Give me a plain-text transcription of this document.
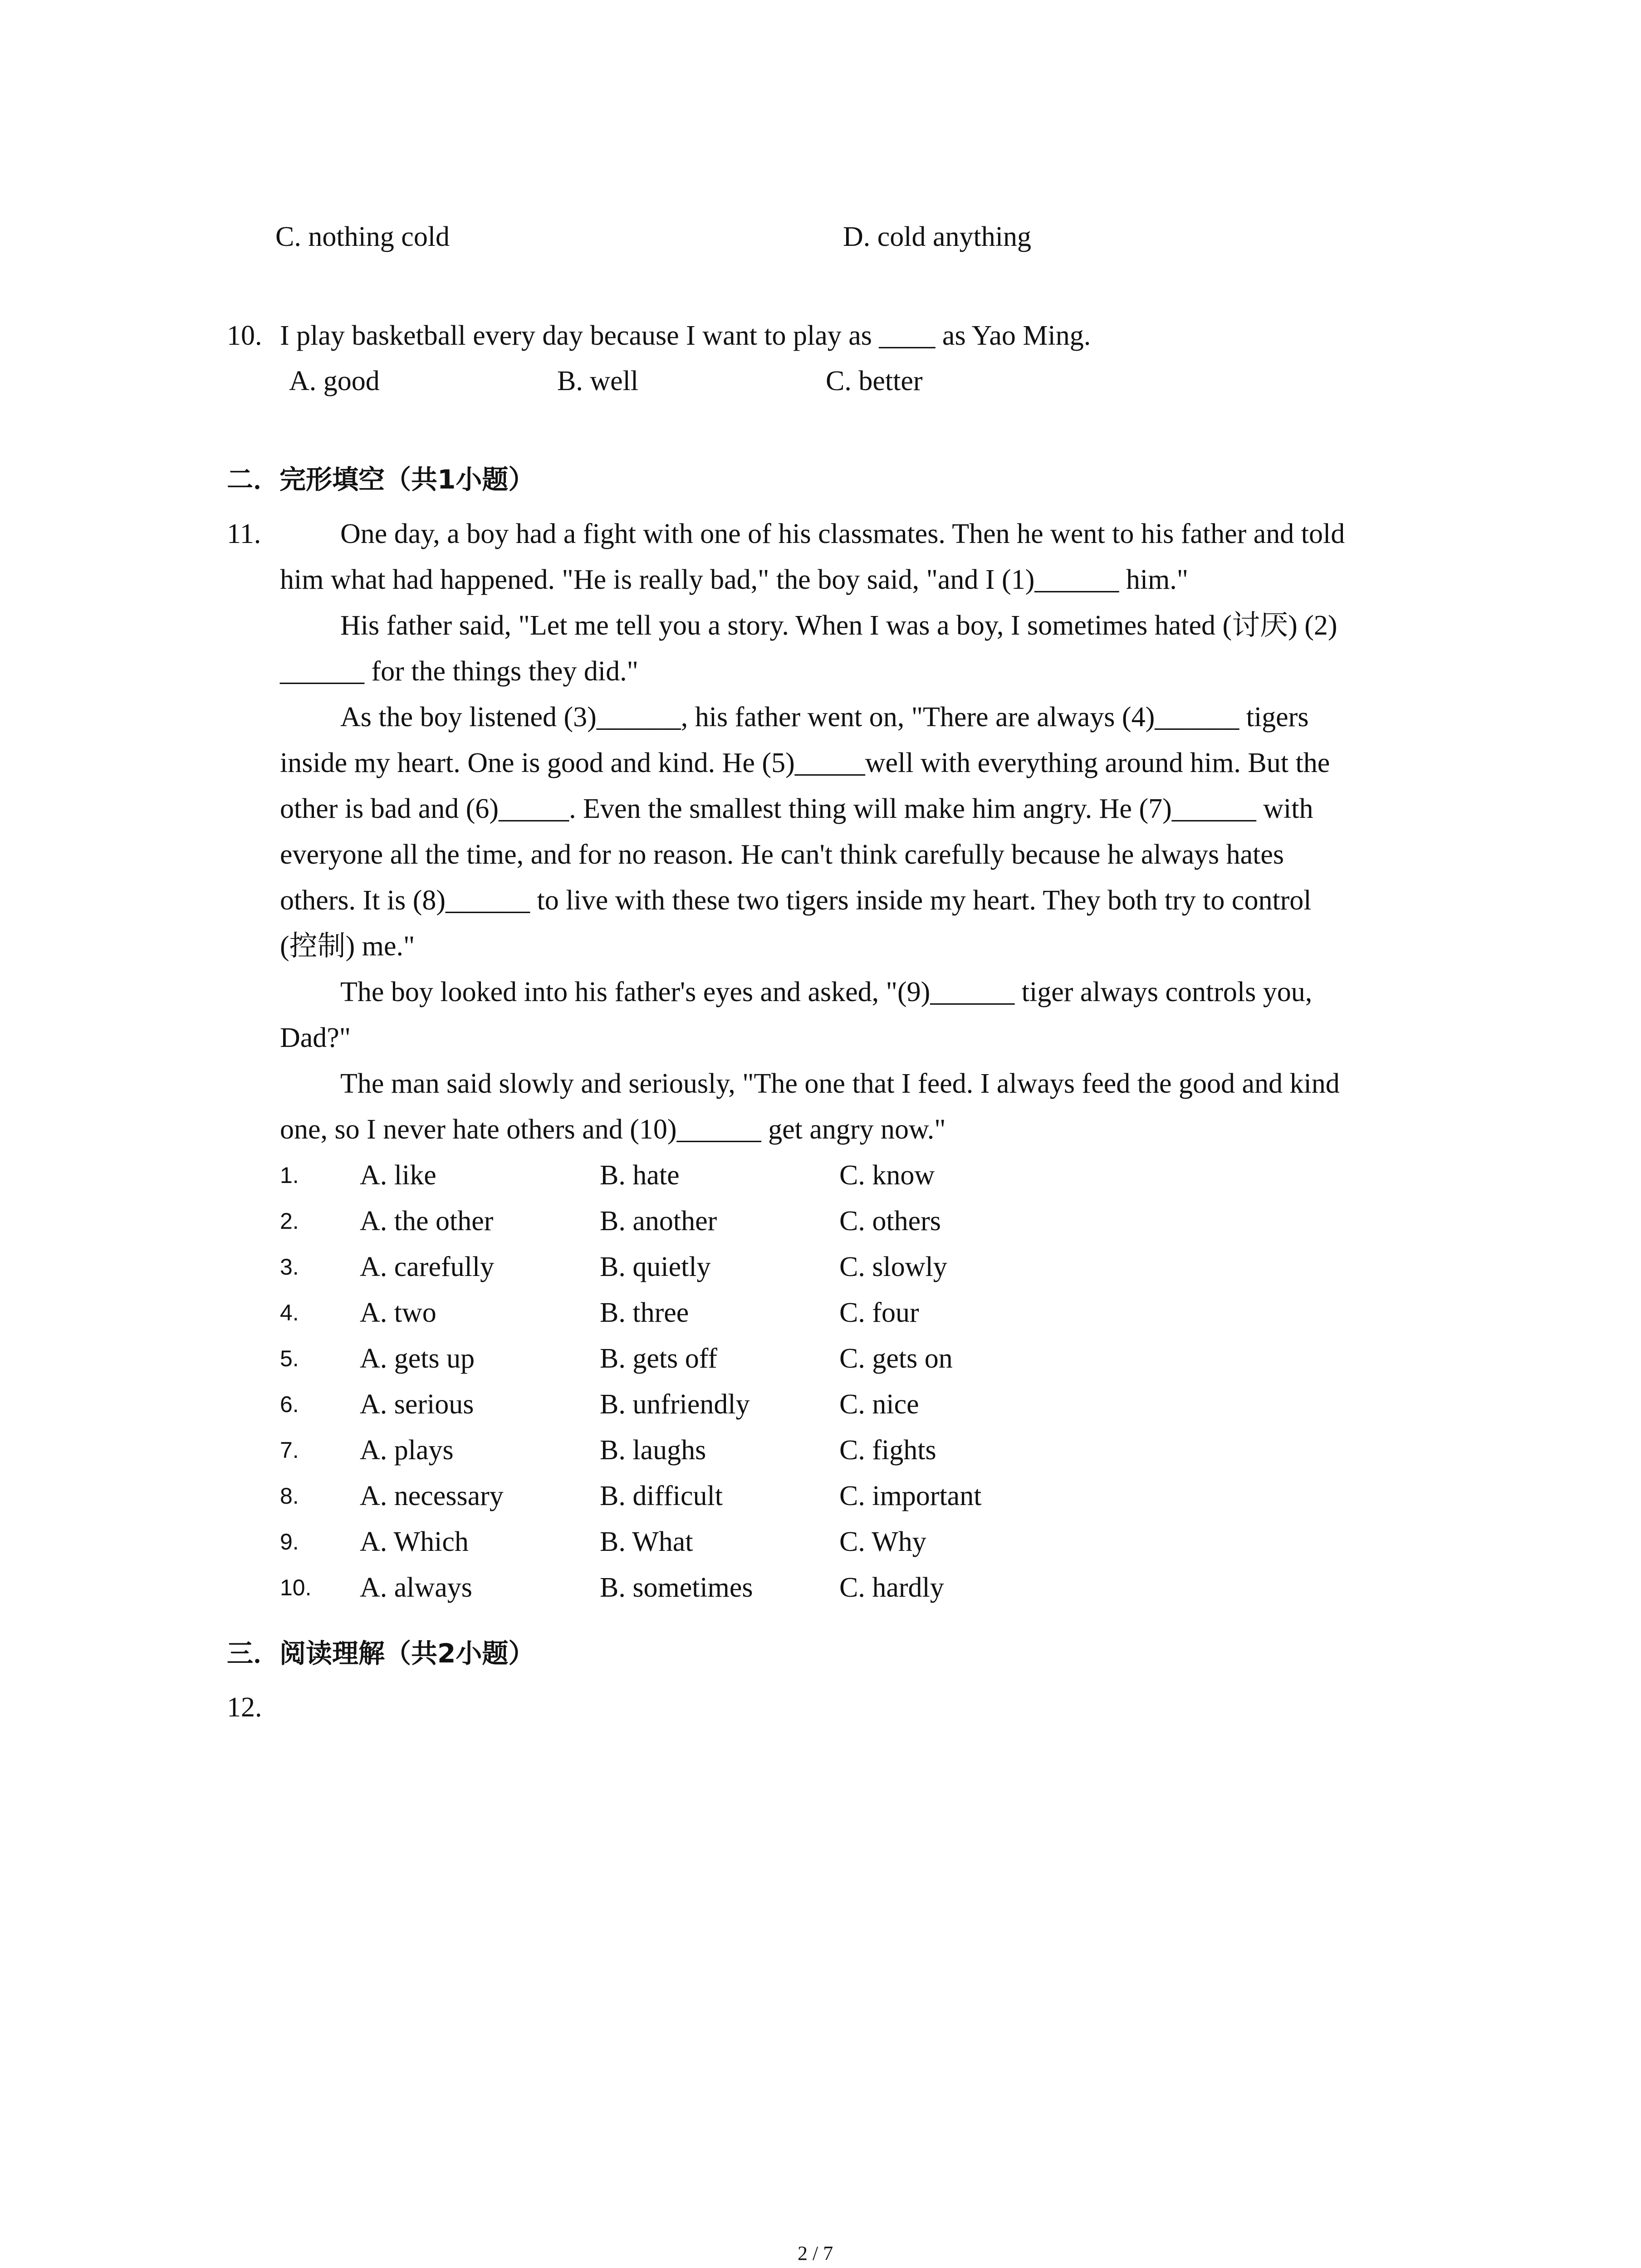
C. nothing cold	D. cold anything
10. I play basketball every day because I want to play as ____ as Yao Ming.
A. good	B. well	C. better
二．完形填空（共1小题）
11.	One day, a boy had a fight with one of his classmates. Then he went to his father and told
him what had happened. "He is really bad," the boy said, "and I (1)______ him."
His father said, "Let me tell you a story. When I was a boy, I sometimes hated (讨厌) (2)
______ for the things they did."
As the boy listened (3)______, his father went on, "There are always (4)______ tigers
inside my heart. One is good and kind. He (5)_____well with everything around him. But the
other is bad and (6)_____. Even the smallest thing will make him angry. He (7)______ with
everyone all the time, and for no reason. He can't think carefully because he always hates
others. It is (8)______ to live with these two tigers inside my heart. They both try to control
(控制) me."
The boy looked into his father's eyes and asked, "(9)______ tiger always controls you,
Dad?"
The man said slowly and seriously, "The one that I feed. I always feed the good and kind
one, so I never hate others and (10)______ get angry now."
1. A. like	B. hate	C. know
2. A. the other	B. another	C. others
3. A. carefully	B. quietly	C. slowly
4. A. two	B. three	C. four
5. A. gets up	B. gets off	C. gets on
6. A. serious	B. unfriendly	C. nice
7. A. plays	B. laughs	C. fights
8. A. necessary	B. difficult	C. important
9. A. Which	B. What	C. Why
10. A. always	B. sometimes	C. hardly
三．阅读理解（共2小题）
12.
2 / 7
